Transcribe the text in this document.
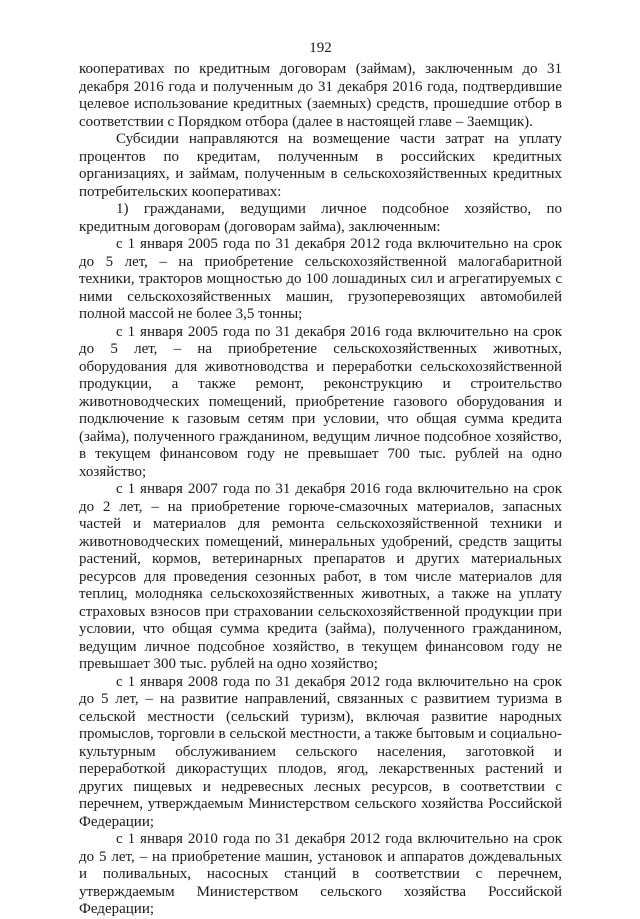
192

кооперативах по кредитным договорам (займам), заключенным до 31 декабря 2016 года и полученным до 31 декабря 2016 года, подтвердившие целевое использование кредитных (заемных) средств, прошедшие отбор в соответствии с Порядком отбора (далее в настоящей главе – Заемщик).

Субсидии направляются на возмещение части затрат на уплату процентов по кредитам, полученным в российских кредитных организациях, и займам, полученным в сельскохозяйственных кредитных потребительских кооперативах:

1) гражданами, ведущими личное подсобное хозяйство, по кредитным договорам (договорам займа), заключенным:

с 1 января 2005 года по 31 декабря 2012 года включительно на срок до 5 лет, – на приобретение сельскохозяйственной малогабаритной техники, тракторов мощностью до 100 лошадиных сил и агрегатируемых с ними сельскохозяйственных машин, грузоперевозящих автомобилей полной массой не более 3,5 тонны;

с 1 января 2005 года по 31 декабря 2016 года включительно на срок до 5 лет, – на приобретение сельскохозяйственных животных, оборудования для животноводства и переработки сельскохозяйственной продукции, а также ремонт, реконструкцию и строительство животноводческих помещений, приобретение газового оборудования и подключение к газовым сетям при условии, что общая сумма кредита (займа), полученного гражданином, ведущим личное подсобное хозяйство, в текущем финансовом году не превышает 700 тыс. рублей на одно хозяйство;

с 1 января 2007 года по 31 декабря 2016 года включительно на срок до 2 лет, – на приобретение горюче-смазочных материалов, запасных частей и материалов для ремонта сельскохозяйственной техники и животноводческих помещений, минеральных удобрений, средств защиты растений, кормов, ветеринарных препаратов и других материальных ресурсов для проведения сезонных работ, в том числе материалов для теплиц, молодняка сельскохозяйственных животных, а также на уплату страховых взносов при страховании сельскохозяйственной продукции при условии, что общая сумма кредита (займа), полученного гражданином, ведущим личное подсобное хозяйство, в текущем финансовом году не превышает 300 тыс. рублей на одно хозяйство;

с 1 января 2008 года по 31 декабря 2012 года включительно на срок до 5 лет, – на развитие направлений, связанных с развитием туризма в сельской местности (сельский туризм), включая развитие народных промыслов, торговли в сельской местности, а также бытовым и социально-культурным обслуживанием сельского населения, заготовкой и переработкой дикорастущих плодов, ягод, лекарственных растений и других пищевых и недревесных лесных ресурсов, в соответствии с перечнем, утверждаемым Министерством сельского хозяйства Российской Федерации;

с 1 января 2010 года по 31 декабря 2012 года включительно на срок до 5 лет, – на приобретение машин, установок и аппаратов дождевальных и поливальных, насосных станций в соответствии с перечнем, утверждаемым Министерством сельского хозяйства Российской Федерации;
